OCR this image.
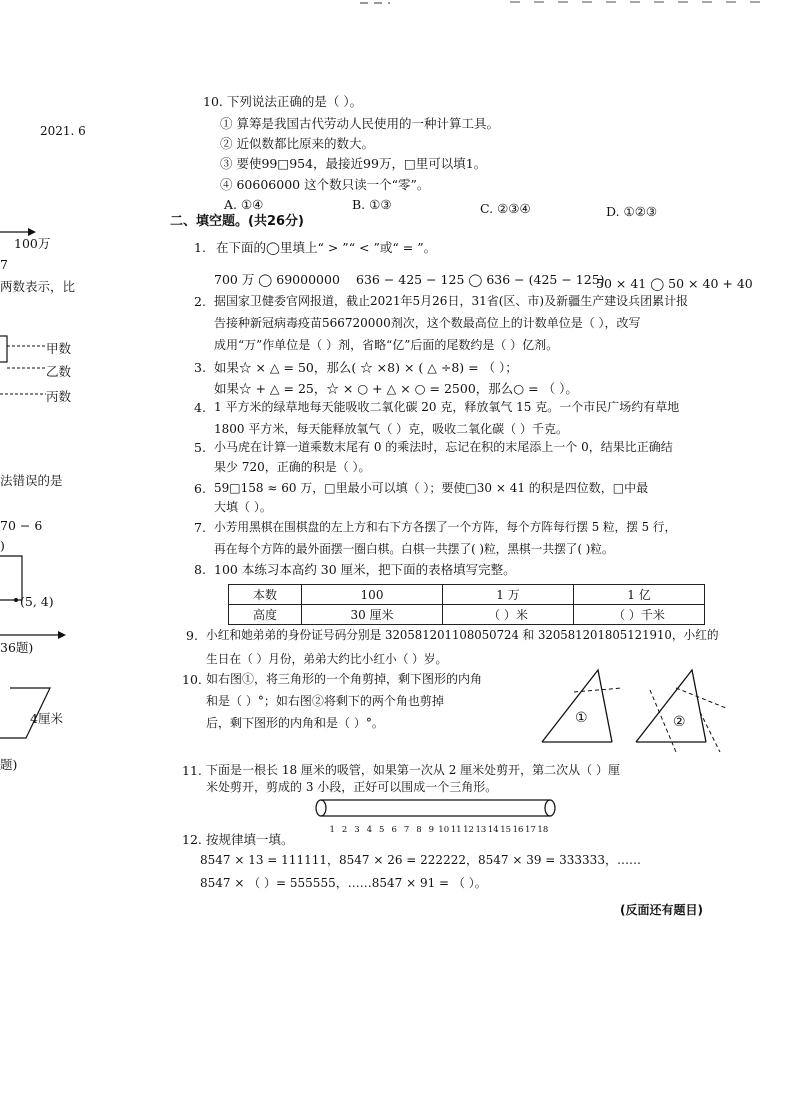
2021. 6
100万
7
两数表示，比
甲数
乙数
丙数
法错误的是
70 − 6
)
(5, 4)
36题)
4厘米
题)
10. 下列说法正确的是（ ）。
① 算筹是我国古代劳动人民使用的一种计算工具。
② 近似数都比原来的数大。
③ 要使99□954，最接近99万，□里可以填1。
④ 60606000 这个数只读一个“零”。
A. ①④	B. ①③	C. ②③④	D. ①②③
二、填空题。(共26分)
1. 在下面的◯里填上“ > ”“ < ”或“ = ”。
700 万 ◯ 69000000 636 − 425 − 125 ◯ 636 − (425 − 125)
50 × 41 ◯ 50 × 40 + 40
2. 据国家卫健委官网报道，截止2021年5月26日，31省(区、市)及新疆生产建设兵团累计报
告接种新冠病毒疫苗566720000剂次，这个数最高位上的计数单位是（ ），改写
成用“万”作单位是（ ）剂，省略“亿”后面的尾数约是（ ）亿剂。
3. 如果☆ × △ = 50，那么( ☆ ×8) × ( △ ÷8) = （ ）；
如果☆ + △ = 25，☆ × ○ + △ × ○ = 2500，那么○ = （ ）。
4. 1 平方米的绿草地每天能吸收二氧化碳 20 克，释放氧气 15 克。一个市民广场约有草地
1800 平方米，每天能释放氧气（ ）克，吸收二氧化碳（ ）千克。
5. 小马虎在计算一道乘数末尾有 0 的乘法时，忘记在积的末尾添上一个 0，结果比正确结
果少 720，正确的积是（ ）。
6. 59□158 ≈ 60 万，□里最小可以填（ ）；要使□30 × 41 的积是四位数，□中最
大填（ ）。
7. 小芳用黑棋在围棋盘的左上方和右下方各摆了一个方阵，每个方阵每行摆 5 粒，摆 5 行，
再在每个方阵的最外面摆一圈白棋。白棋一共摆了( )粒，黑棋一共摆了( )粒。
8. 100 本练习本高约 30 厘米，把下面的表格填写完整。
本数	100	1 万	1 亿
高度	30 厘米	（ ）米	（ ）千米
9. 小红和她弟弟的身份证号码分别是 320581201108050724 和 320581201805121910，小红的
生日在（ ）月份，弟弟大约比小红小（ ）岁。
10. 如右图①，将三角形的一个角剪掉，剩下图形的内角
和是（ ）°；如右图②将剩下的两个角也剪掉
后，剩下图形的内角和是（ ）°。	①	②
11. 下面是一根长 18 厘米的吸管，如果第一次从 2 厘米处剪开，第二次从（ ）厘
米处剪开，剪成的 3 小段，正好可以围成一个三角形。
1 2 3 4 5 6 7 8 9 10 11 12 13 14 15 16 17 18
12. 按规律填一填。
8547 × 13 = 111111，8547 × 26 = 222222，8547 × 39 = 333333，……
8547 × （ ）= 555555，……8547 × 91 = （ ）。
(反面还有题目)
